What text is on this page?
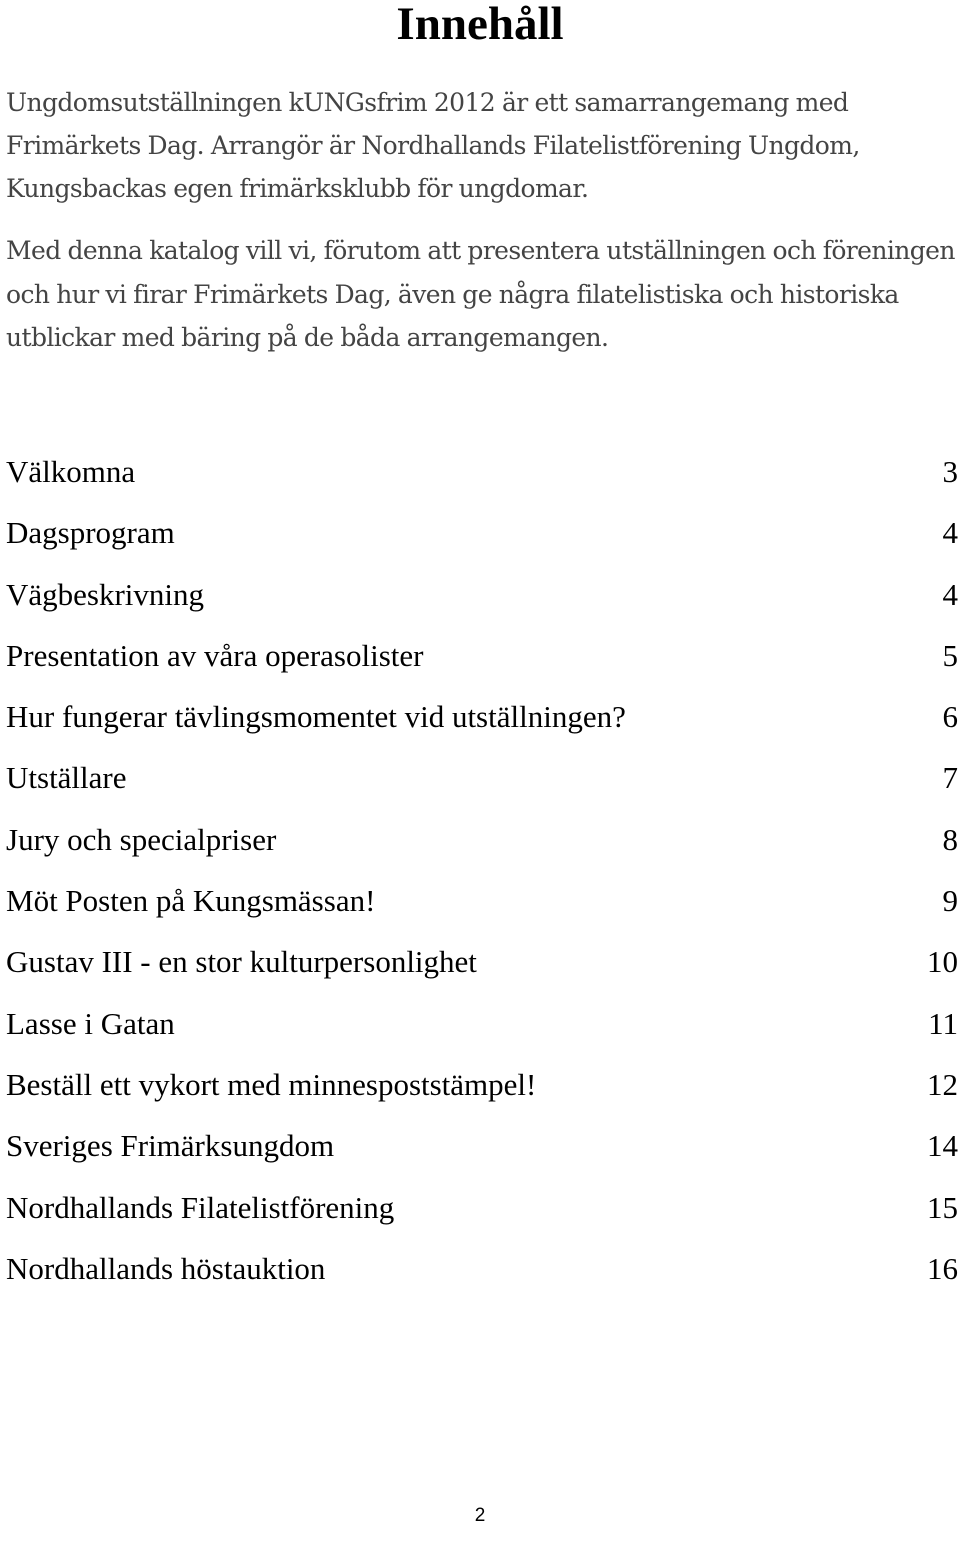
Innehåll

Ungdomsutställningen kUNGsfrim 2012 är ett samarrangemang med Frimärkets Dag. Arrangör är Nordhallands Filatelistförening Ungdom, Kungsbackas egen frimärksklubb för ungdomar.

Med denna katalog vill vi, förutom att presentera utställningen och föreningen och hur vi firar Frimärkets Dag, även ge några filatelistiska och historiska utblickar med bäring på de båda arrangemangen.

Välkomna	3
Dagsprogram	4
Vägbeskrivning	4
Presentation av våra operasolister	5
Hur fungerar tävlingsmomentet vid utställningen?	6
Utställare	7
Jury och specialpriser	8
Möt Posten på Kungsmässan!	9
Gustav III - en stor kulturpersonlighet	10
Lasse i Gatan	11
Beställ ett vykort med minnespoststämpel!	12
Sveriges Frimärksungdom	14
Nordhallands Filatelistförening	15
Nordhallands höstauktion	16
2
